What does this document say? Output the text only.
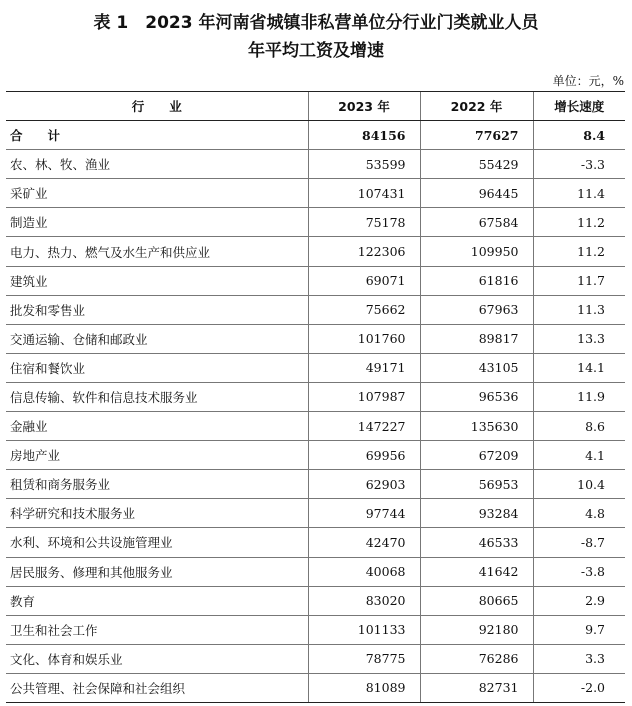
表 1　2023 年河南省城镇非私营单位分行业门类就业人员
年平均工资及增速
单位：元，%
行　　业	2023 年	2022 年	增长速度
合　　计	84156	77627	8.4
农、林、牧、渔业	53599	55429	-3.3
采矿业	107431	96445	11.4
制造业	75178	67584	11.2
电力、热力、燃气及水生产和供应业	122306	109950	11.2
建筑业	69071	61816	11.7
批发和零售业	75662	67963	11.3
交通运输、仓储和邮政业	101760	89817	13.3
住宿和餐饮业	49171	43105	14.1
信息传输、软件和信息技术服务业	107987	96536	11.9
金融业	147227	135630	8.6
房地产业	69956	67209	4.1
租赁和商务服务业	62903	56953	10.4
科学研究和技术服务业	97744	93284	4.8
水利、环境和公共设施管理业	42470	46533	-8.7
居民服务、修理和其他服务业	40068	41642	-3.8
教育	83020	80665	2.9
卫生和社会工作	101133	92180	9.7
文化、体育和娱乐业	78775	76286	3.3
公共管理、社会保障和社会组织	81089	82731	-2.0
